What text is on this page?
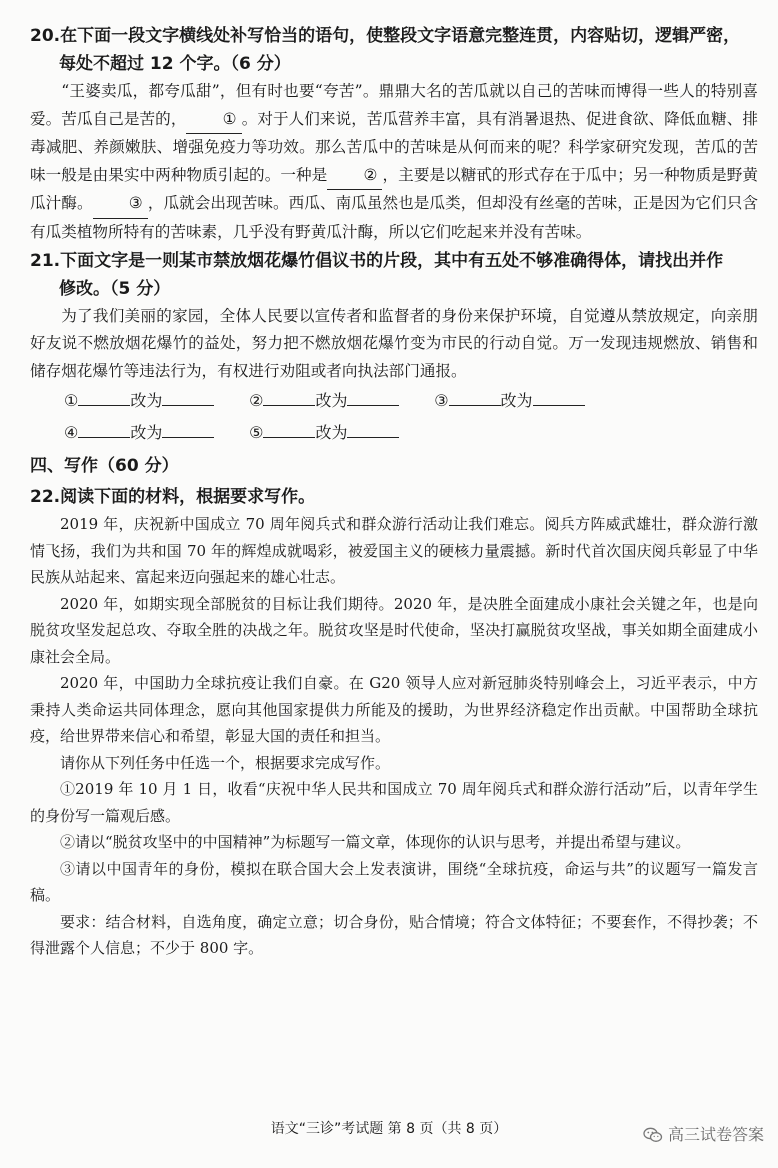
20.在下面一段文字横线处补写恰当的语句，使整段文字语意完整连贯，内容贴切，逻辑严密，
每处不超过 12 个字。（6 分）

“王婆卖瓜，都夸瓜甜”，但有时也要“夸苦”。鼎鼎大名的苦瓜就以自己的苦味而博得一些人的特别喜爱。苦瓜自己是苦的， ① 。对于人们来说，苦瓜营养丰富，具有消暑退热、促进食欲、降低血糖、排毒减肥、养颜嫩肤、增强免疫力等功效。那么苦瓜中的苦味是从何而来的呢？科学家研究发现，苦瓜的苦味一般是由果实中两种物质引起的。一种是 ② ，主要是以糖甙的形式存在于瓜中；另一种物质是野黄瓜汁酶。 ③ ，瓜就会出现苦味。西瓜、南瓜虽然也是瓜类，但却没有丝毫的苦味，正是因为它们只含有瓜类植物所特有的苦味素，几乎没有野黄瓜汁酶，所以它们吃起来并没有苦味。

21.下面文字是一则某市禁放烟花爆竹倡议书的片段，其中有五处不够准确得体，请找出并作
修改。（5 分）

为了我们美丽的家园，全体人民要以宣传者和监督者的身份来保护环境，自觉遵从禁放规定，向亲朋好友说不燃放烟花爆竹的益处，努力把不燃放烟花爆竹变为市民的行动自觉。万一发现违规燃放、销售和储存烟花爆竹等违法行为，有权进行劝阻或者向执法部门通报。

①	改为	②	改为	③	改为
④	改为	⑤	改为
四、写作（60 分）
22.阅读下面的材料，根据要求写作。

2019 年，庆祝新中国成立 70 周年阅兵式和群众游行活动让我们难忘。阅兵方阵威武雄壮，群众游行激情飞扬，我们为共和国 70 年的辉煌成就喝彩，被爱国主义的硬核力量震撼。新时代首次国庆阅兵彰显了中华民族从站起来、富起来迈向强起来的雄心壮志。

2020 年，如期实现全部脱贫的目标让我们期待。2020 年，是决胜全面建成小康社会关键之年，也是向脱贫攻坚发起总攻、夺取全胜的决战之年。脱贫攻坚是时代使命，坚决打赢脱贫攻坚战，事关如期全面建成小康社会全局。

2020 年，中国助力全球抗疫让我们自豪。在 G20 领导人应对新冠肺炎特别峰会上，习近平表示，中方秉持人类命运共同体理念，愿向其他国家提供力所能及的援助，为世界经济稳定作出贡献。中国帮助全球抗疫，给世界带来信心和希望，彰显大国的责任和担当。

请你从下列任务中任选一个，根据要求完成写作。

①2019 年 10 月 1 日，收看“庆祝中华人民共和国成立 70 周年阅兵式和群众游行活动”后，以青年学生的身份写一篇观后感。

②请以“脱贫攻坚中的中国精神”为标题写一篇文章，体现你的认识与思考，并提出希望与建议。

③请以中国青年的身份，模拟在联合国大会上发表演讲，围绕“全球抗疫，命运与共”的议题写一篇发言稿。

要求：结合材料，自选角度，确定立意；切合身份，贴合情境；符合文体特征；不要套作，不得抄袭；不得泄露个人信息；不少于 800 字。

语文“三诊”考试题 第 8 页（共 8 页）	高三试卷答案
